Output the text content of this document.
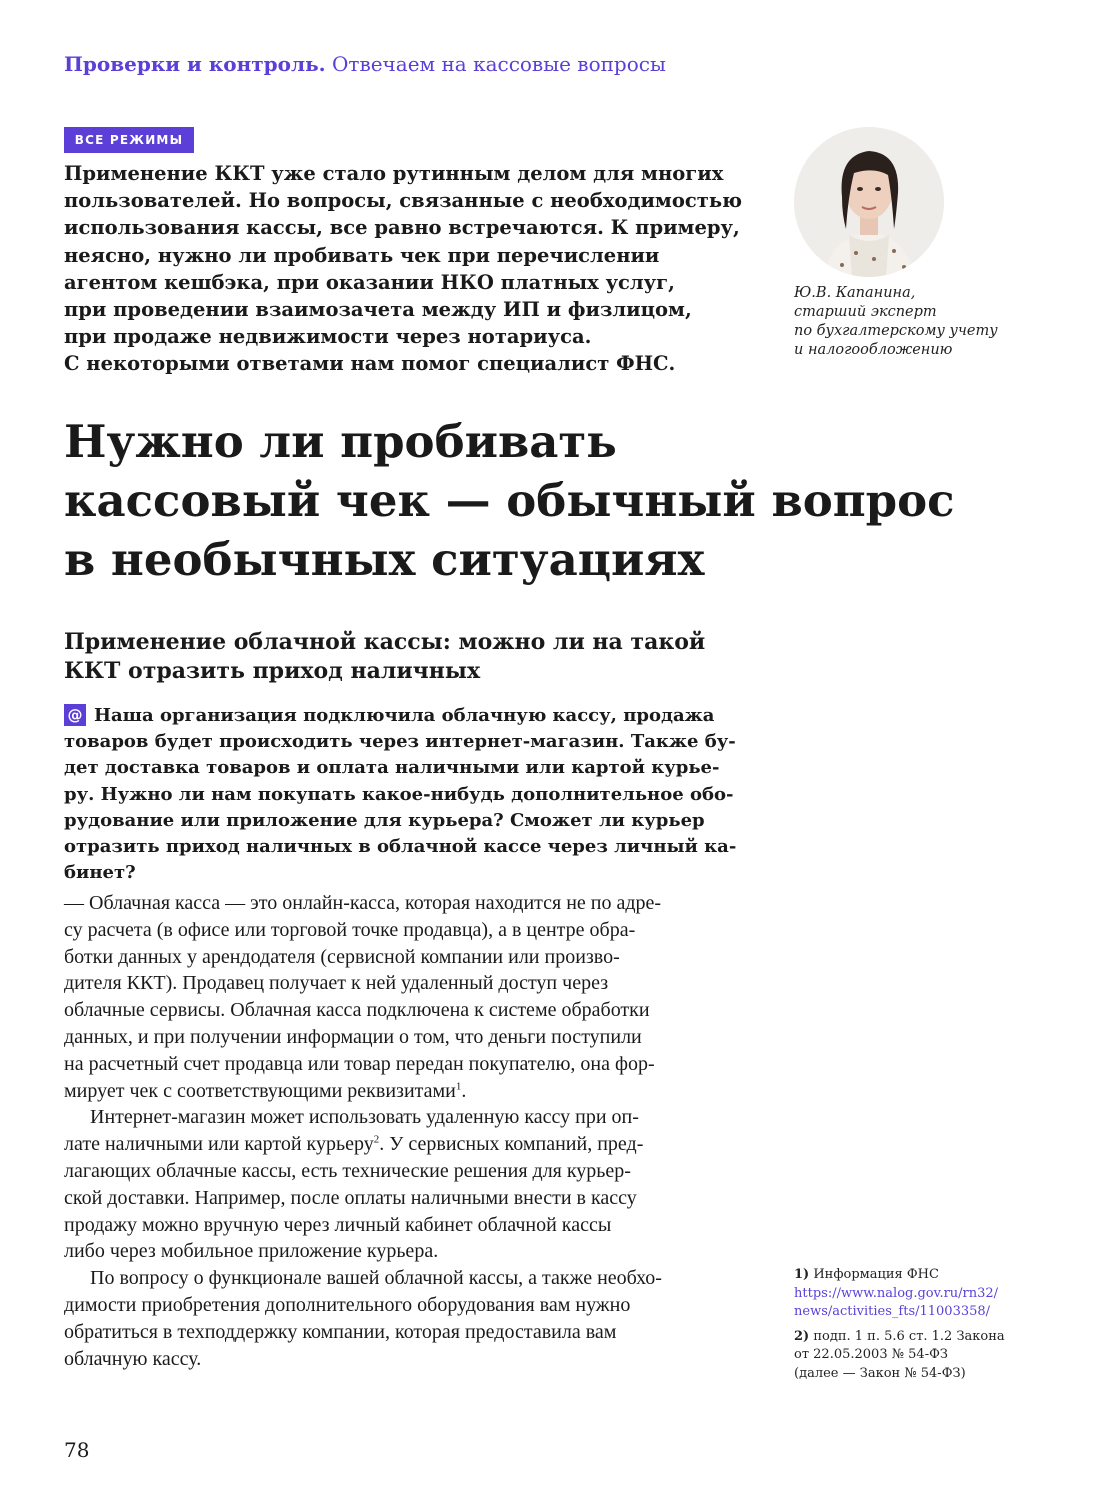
Проверки и контроль. Отвечаем на кассовые вопросы
ВСЕ РЕЖИМЫ
Применение ККТ уже стало рутинным делом для многих
пользователей. Но вопросы, связанные с необходимостью
использования кассы, все равно встречаются. К примеру,
неясно, нужно ли пробивать чек при перечислении
агентом кешбэка, при оказании НКО платных услуг,
при проведении взаимозачета между ИП и физлицом,
при продаже недвижимости через нотариуса.
С некоторыми ответами нам помог специалист ФНС.
Ю.В. Капанина,
старший эксперт
по бухгалтерскому учету
и налогообложению
Нужно ли пробивать
кассовый чек — обычный вопрос
в необычных ситуациях
Применение облачной кассы: можно ли на такой
ККТ отразить приход наличных
@ Наша организация подключила облачную кассу, продажа
товаров будет происходить через интернет-магазин. Также бу-
дет доставка товаров и оплата наличными или картой курье-
ру. Нужно ли нам покупать какое-нибудь дополнительное обо-
рудование или приложение для курьера? Сможет ли курьер
отразить приход наличных в облачной кассе через личный ка-
бинет?
— Облачная касса — это онлайн-касса, которая находится не по адре-
су расчета (в офисе или торговой точке продавца), а в центре обра-
ботки данных у арендодателя (сервисной компании или произво-
дителя ККТ). Продавец получает к ней удаленный доступ через
облачные сервисы. Облачная касса подключена к системе обработки
данных, и при получении информации о том, что деньги поступили
на расчетный счет продавца или товар передан покупателю, она фор-
мирует чек с соответствующими реквизитами$^1$.
Интернет-магазин может использовать удаленную кассу при оп-
лате наличными или картой курьеру$^2$. У сервисных компаний, пред-
лагающих облачные кассы, есть технические решения для курьер-
ской доставки. Например, после оплаты наличными внести в кассу
продажу можно вручную через личный кабинет облачной кассы
либо через мобильное приложение курьера.
По вопросу о функционале вашей облачной кассы, а также необхо-
димости приобретения дополнительного оборудования вам нужно
обратиться в техподдержку компании, которая предоставила вам
облачную кассу.
1) Информация ФНС
https://www.nalog.gov.ru/rn32/
news/activities_fts/11003358/
2) подп. 1 п. 5.6 ст. 1.2 Закона
от 22.05.2003 № 54-ФЗ
(далее — Закон № 54-ФЗ)
78
